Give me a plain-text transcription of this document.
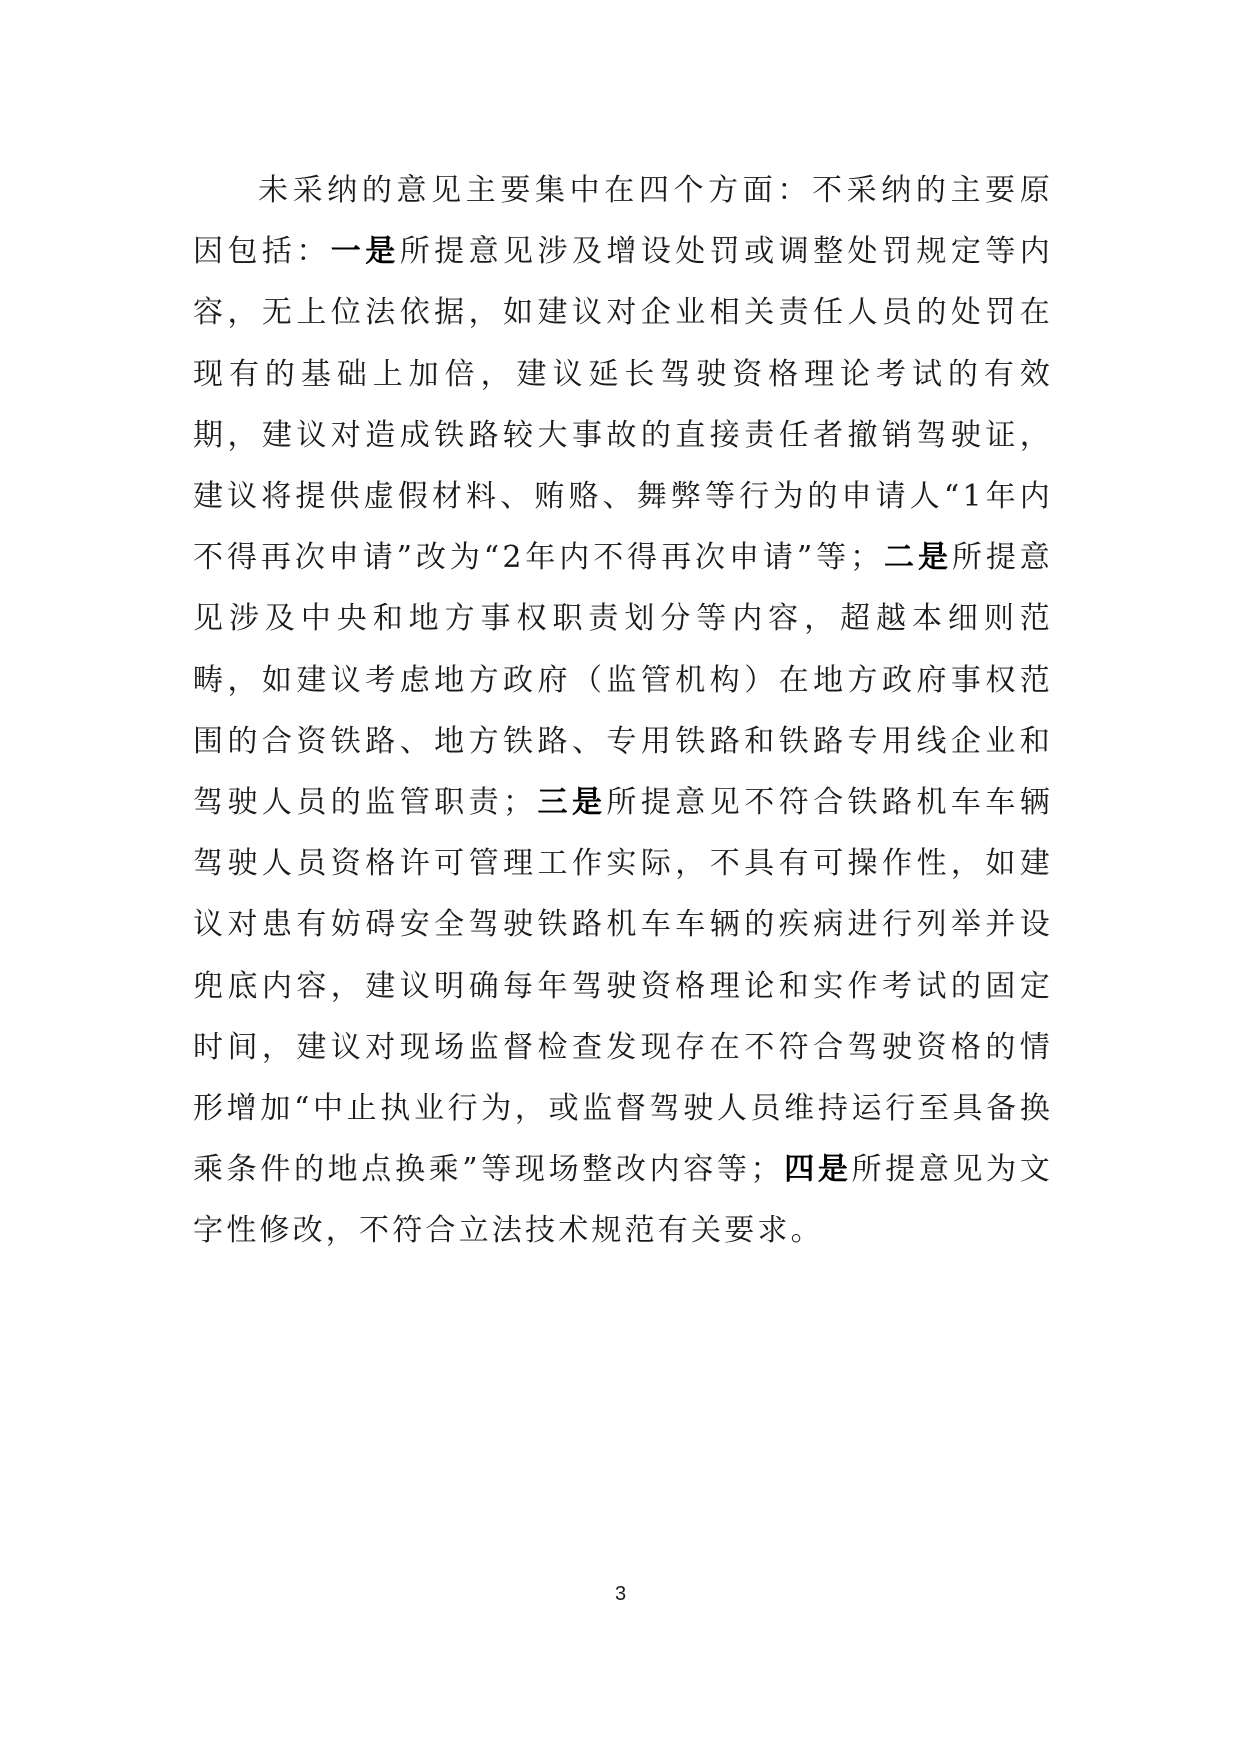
未采纳的意见主要集中在四个方面：不采纳的主要原因包括：一是所提意见涉及增设处罚或调整处罚规定等内容，无上位法依据，如建议对企业相关责任人员的处罚在现有的基础上加倍，建议延长驾驶资格理论考试的有效期，建议对造成铁路较大事故的直接责任者撤销驾驶证，建议将提供虚假材料、贿赂、舞弊等行为的申请人“1年内不得再次申请”改为“2年内不得再次申请”等；二是所提意见涉及中央和地方事权职责划分等内容，超越本细则范畴，如建议考虑地方政府（监管机构）在地方政府事权范围的合资铁路、地方铁路、专用铁路和铁路专用线企业和驾驶人员的监管职责；三是所提意见不符合铁路机车车辆驾驶人员资格许可管理工作实际，不具有可操作性，如建议对患有妨碍安全驾驶铁路机车车辆的疾病进行列举并设兜底内容，建议明确每年驾驶资格理论和实作考试的固定时间，建议对现场监督检查发现存在不符合驾驶资格的情形增加“中止执业行为，或监督驾驶人员维持运行至具备换乘条件的地点换乘”等现场整改内容等；四是所提意见为文字性修改，不符合立法技术规范有关要求。

3
